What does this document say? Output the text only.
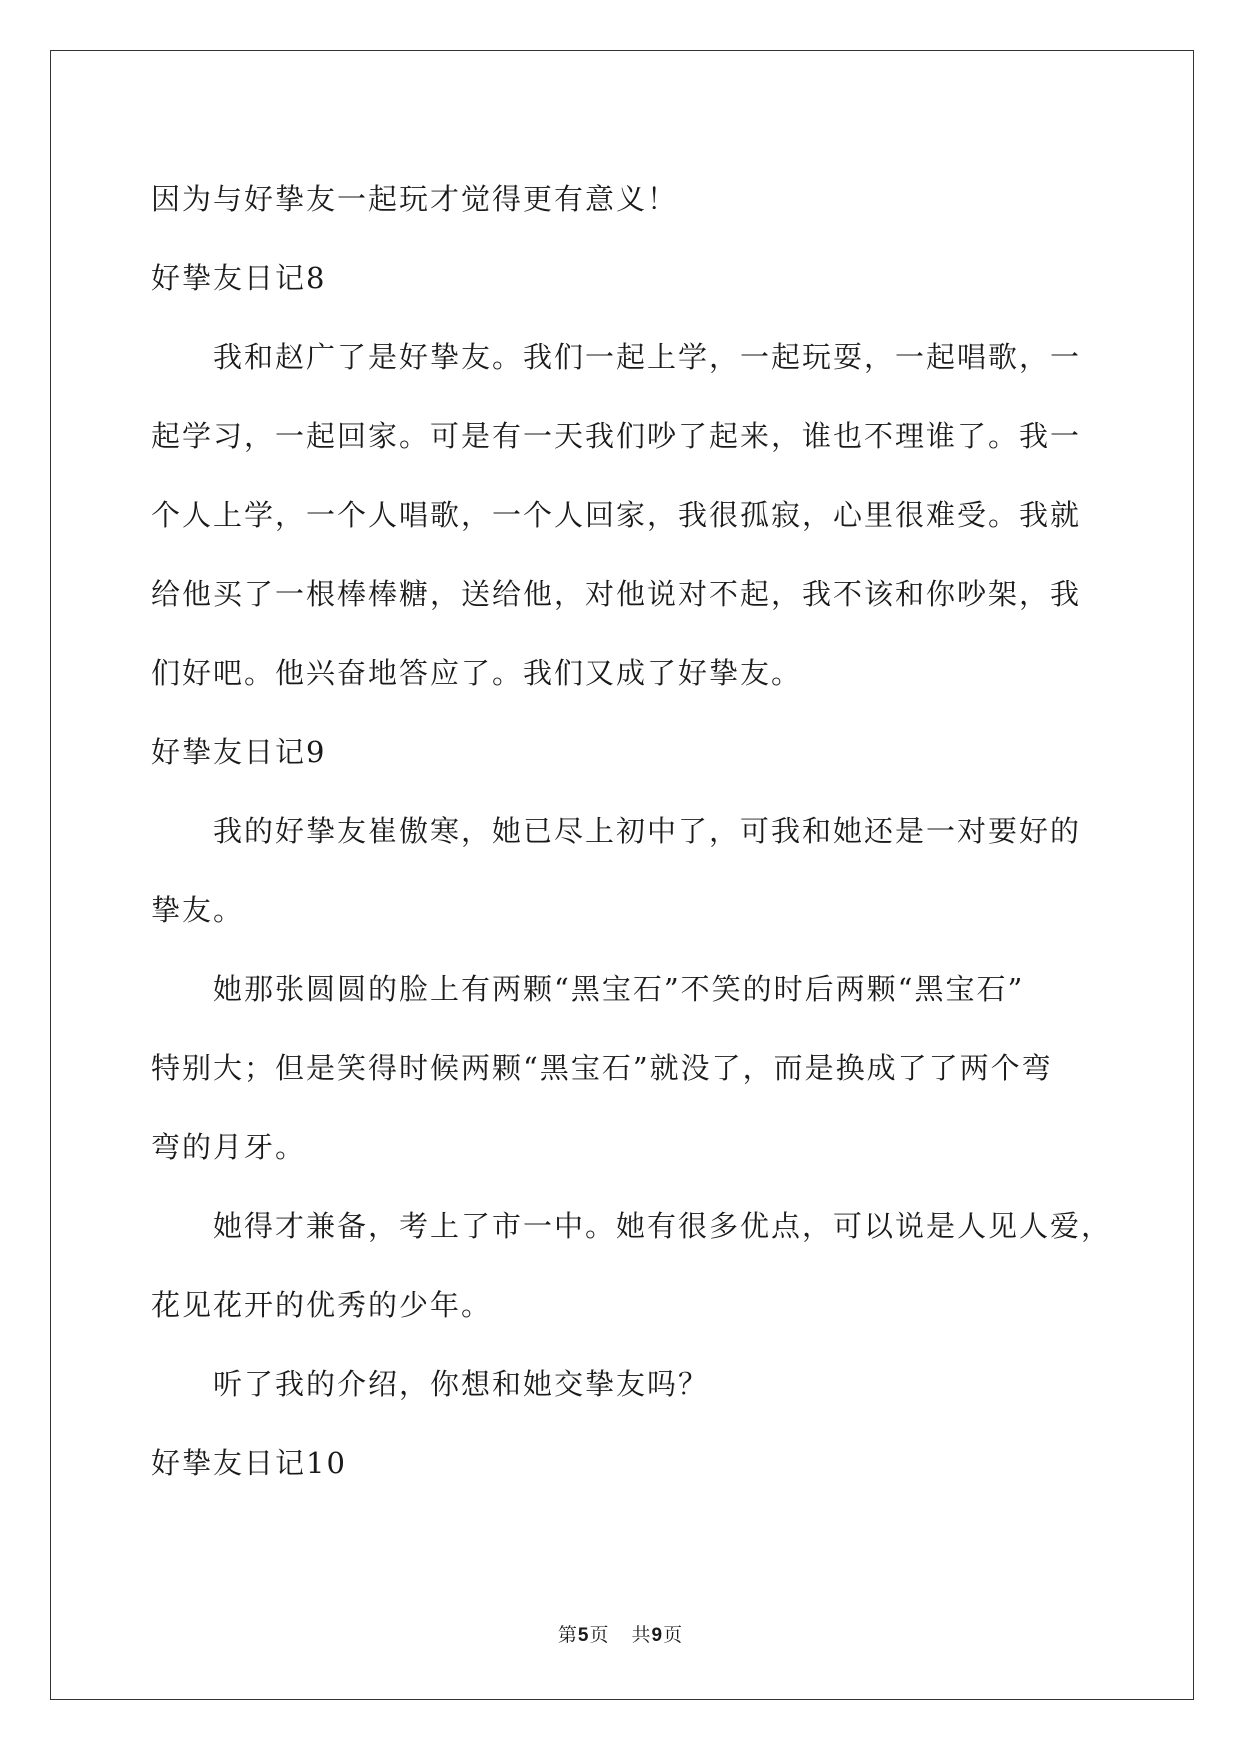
因为与好挚友一起玩才觉得更有意义！
好挚友日记8
我和赵广了是好挚友。我们一起上学，一起玩耍，一起唱歌，一
起学习，一起回家。可是有一天我们吵了起来，谁也不理谁了。我一
个人上学，一个人唱歌，一个人回家，我很孤寂，心里很难受。我就
给他买了一根棒棒糖，送给他，对他说对不起，我不该和你吵架，我
们好吧。他兴奋地答应了。我们又成了好挚友。
好挚友日记9
我的好挚友崔傲寒，她已尽上初中了，可我和她还是一对要好的
挚友。
她那张圆圆的脸上有两颗“黑宝石”不笑的时后两颗“黑宝石”
特别大；但是笑得时候两颗“黑宝石”就没了，而是换成了了两个弯
弯的月牙。
她得才兼备，考上了市一中。她有很多优点，可以说是人见人爱，
花见花开的优秀的少年。
听了我的介绍，你想和她交挚友吗？
好挚友日记10
第5页 共9页
